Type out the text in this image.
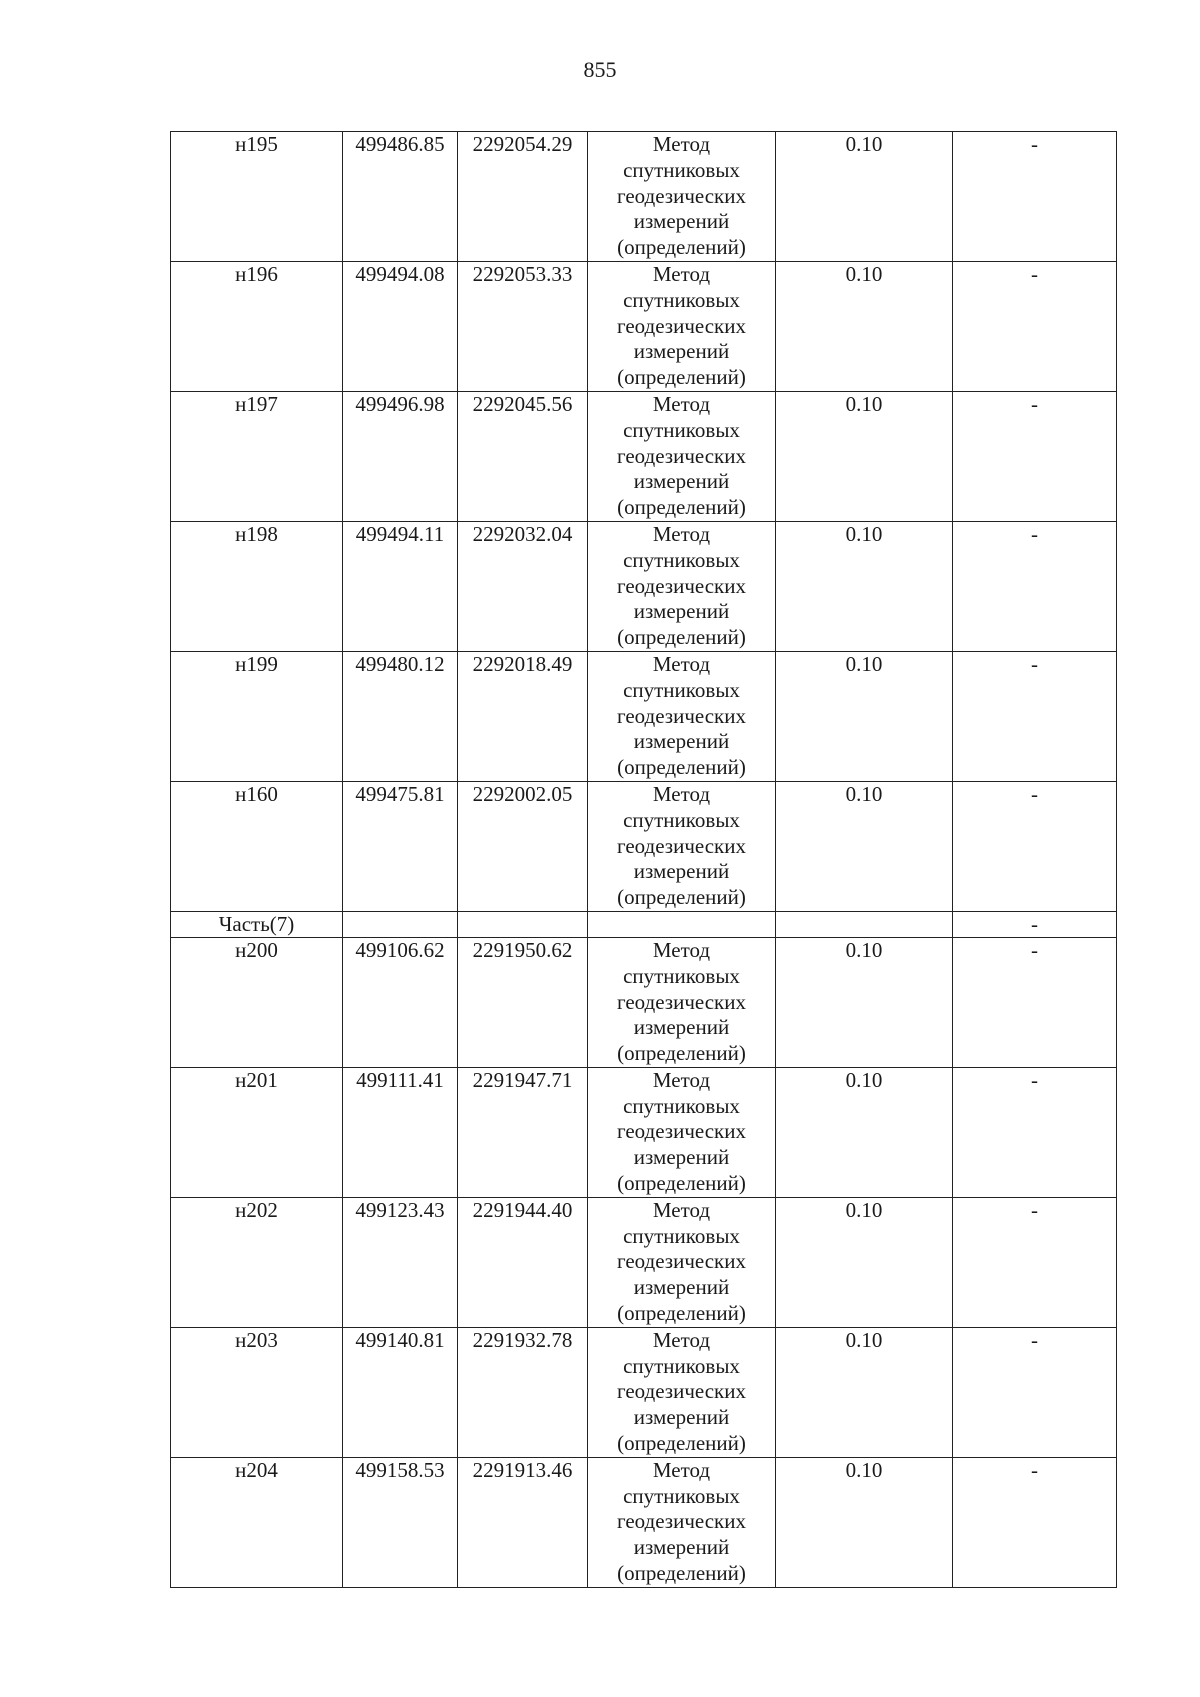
855
н195	499486.85	2292054.29	Метод
спутниковых
геодезических
измерений
(определений)	0.10	-
н196	499494.08	2292053.33	Метод
спутниковых
геодезических
измерений
(определений)	0.10	-
н197	499496.98	2292045.56	Метод
спутниковых
геодезических
измерений
(определений)	0.10	-
н198	499494.11	2292032.04	Метод
спутниковых
геодезических
измерений
(определений)	0.10	-
н199	499480.12	2292018.49	Метод
спутниковых
геодезических
измерений
(определений)	0.10	-
н160	499475.81	2292002.05	Метод
спутниковых
геодезических
измерений
(определений)	0.10	-
Часть(7)					-
н200	499106.62	2291950.62	Метод
спутниковых
геодезических
измерений
(определений)	0.10	-
н201	499111.41	2291947.71	Метод
спутниковых
геодезических
измерений
(определений)	0.10	-
н202	499123.43	2291944.40	Метод
спутниковых
геодезических
измерений
(определений)	0.10	-
н203	499140.81	2291932.78	Метод
спутниковых
геодезических
измерений
(определений)	0.10	-
н204	499158.53	2291913.46	Метод
спутниковых
геодезических
измерений
(определений)	0.10	-
